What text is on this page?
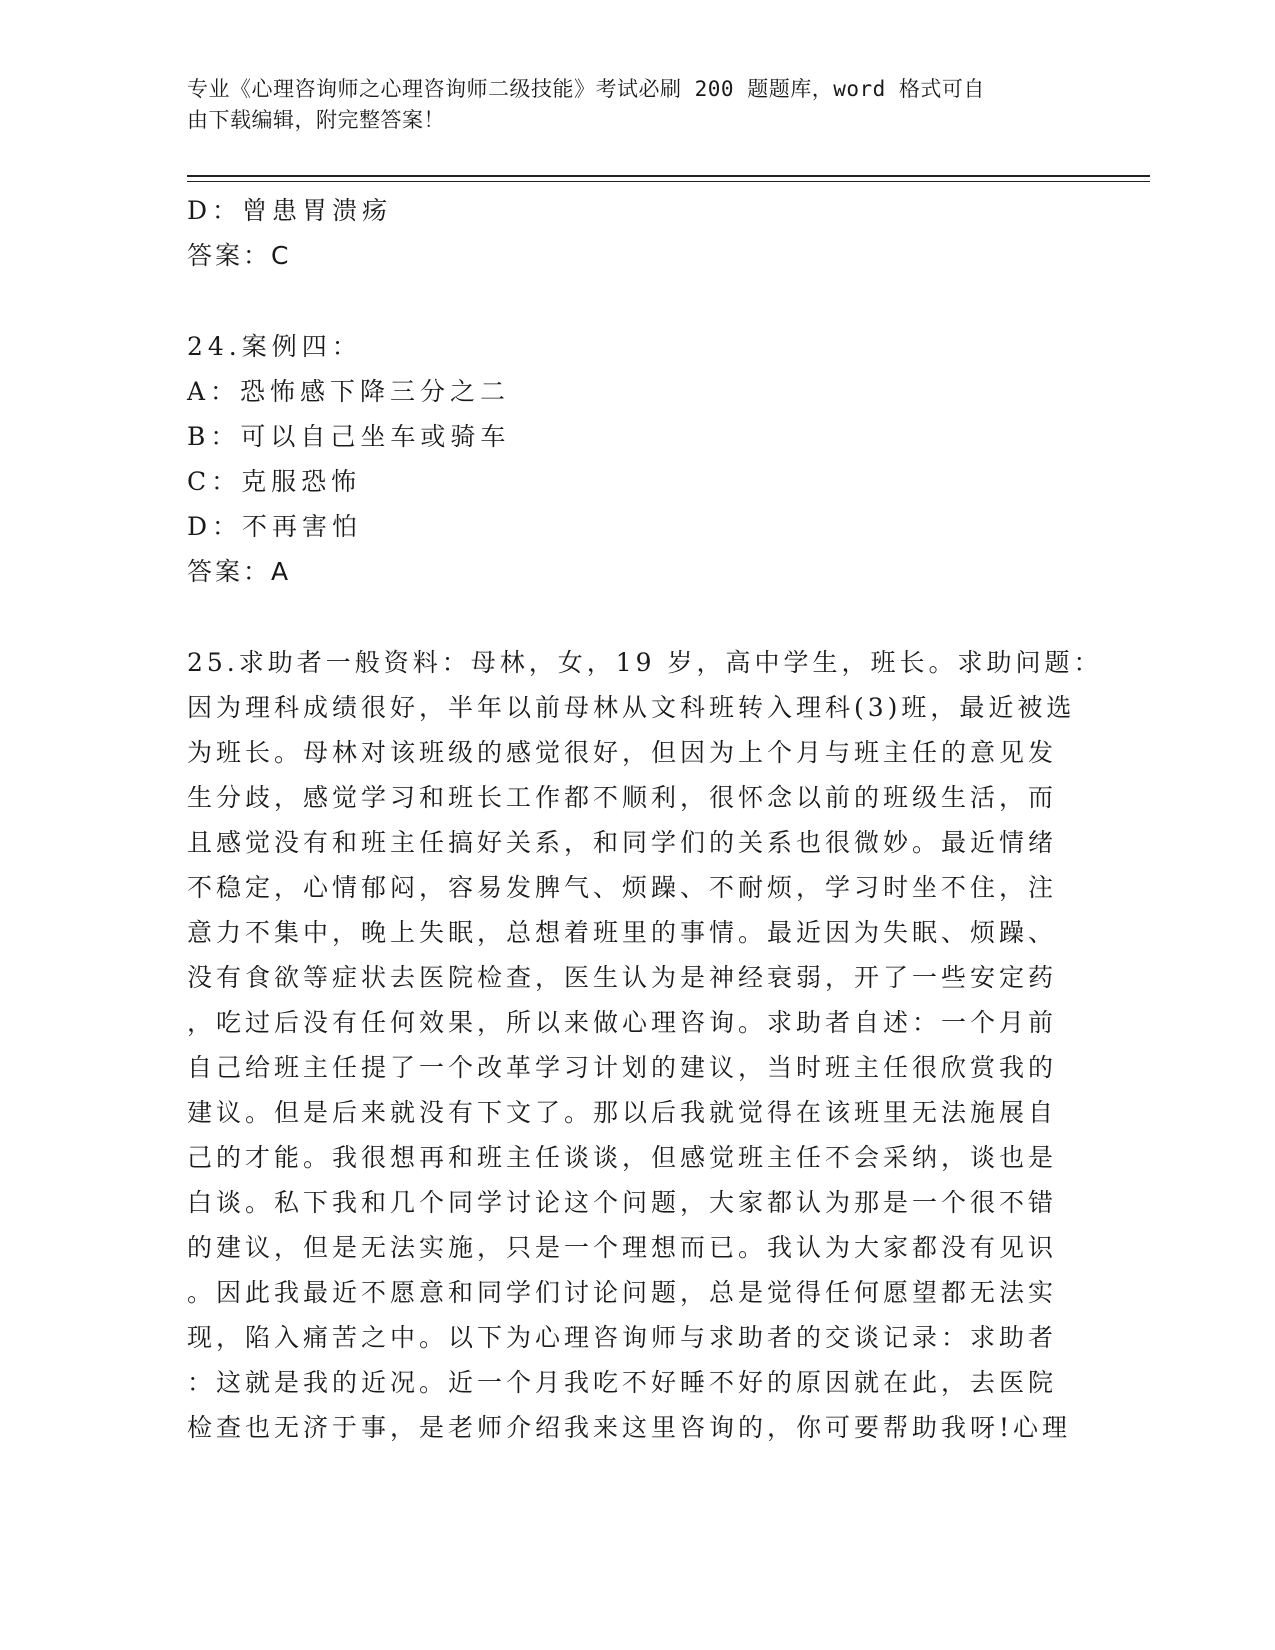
专业《心理咨询师之心理咨询师二级技能》考试必刷 200 题题库，word 格式可自
由下载编辑，附完整答案！
D：曾患胃溃疡
答案：C
24.案例四：
A：恐怖感下降三分之二
B：可以自己坐车或骑车
C：克服恐怖
D：不再害怕
答案：A
25.求助者一般资料：母林，女，19 岁，高中学生，班长。求助问题：
因为理科成绩很好，半年以前母林从文科班转入理科(3)班，最近被选
为班长。母林对该班级的感觉很好，但因为上个月与班主任的意见发
生分歧，感觉学习和班长工作都不顺利，很怀念以前的班级生活，而
且感觉没有和班主任搞好关系，和同学们的关系也很微妙。最近情绪
不稳定，心情郁闷，容易发脾气、烦躁、不耐烦，学习时坐不住，注
意力不集中，晚上失眠，总想着班里的事情。最近因为失眠、烦躁、
没有食欲等症状去医院检查，医生认为是神经衰弱，开了一些安定药
，吃过后没有任何效果，所以来做心理咨询。求助者自述：一个月前
自己给班主任提了一个改革学习计划的建议，当时班主任很欣赏我的
建议。但是后来就没有下文了。那以后我就觉得在该班里无法施展自
己的才能。我很想再和班主任谈谈，但感觉班主任不会采纳，谈也是
白谈。私下我和几个同学讨论这个问题，大家都认为那是一个很不错
的建议，但是无法实施，只是一个理想而已。我认为大家都没有见识
。因此我最近不愿意和同学们讨论问题，总是觉得任何愿望都无法实
现，陷入痛苦之中。以下为心理咨询师与求助者的交谈记录：求助者
：这就是我的近况。近一个月我吃不好睡不好的原因就在此，去医院
检查也无济于事，是老师介绍我来这里咨询的，你可要帮助我呀!心理
